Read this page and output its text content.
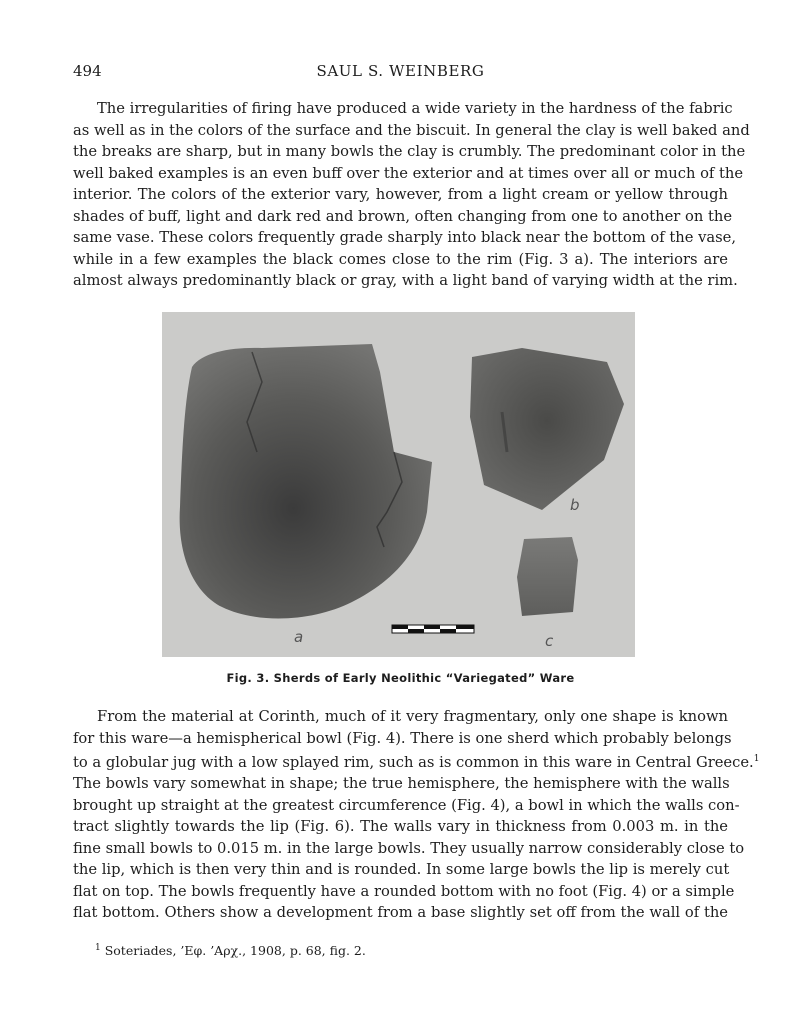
494	SAUL S. WEINBERG

The irregularities of firing have produced a wide variety in the hardness of the fabric
as well as in the colors of the surface and the biscuit. In general the clay is well baked and
the breaks are sharp, but in many bowls the clay is crumbly. The predominant color in the
well baked examples is an even buff over the exterior and at times over all or much of the
interior. The colors of the exterior vary, however, from a light cream or yellow through
shades of buff, light and dark red and brown, often changing from one to another on the
same vase. These colors frequently grade sharply into black near the bottom of the vase,
while in a few examples the black comes close to the rim (Fig. 3 a). The interiors are
almost always predominantly black or gray, with a light band of varying width at the rim.

a
b
c
Fig. 3. Sherds of Early Neolithic “Variegated” Ware

From the material at Corinth, much of it very fragmentary, only one shape is known
for this ware—a hemispherical bowl (Fig. 4). There is one sherd which probably belongs
to a globular jug with a low splayed rim, such as is common in this ware in Central Greece.$^1$
The bowls vary somewhat in shape; the true hemisphere, the hemisphere with the walls
brought up straight at the greatest circumference (Fig. 4), a bowl in which the walls con-
tract slightly towards the lip (Fig. 6). The walls vary in thickness from 0.003 m. in the
fine small bowls to 0.015 m. in the large bowls. They usually narrow considerably close to
the lip, which is then very thin and is rounded. In some large bowls the lip is merely cut
flat on top. The bowls frequently have a rounded bottom with no foot (Fig. 4) or a simple
flat bottom. Others show a development from a base slightly set off from the wall of the

$^1$ Soteriades, ’Eφ. ’Aρχ., 1908, p. 68, fig. 2.
